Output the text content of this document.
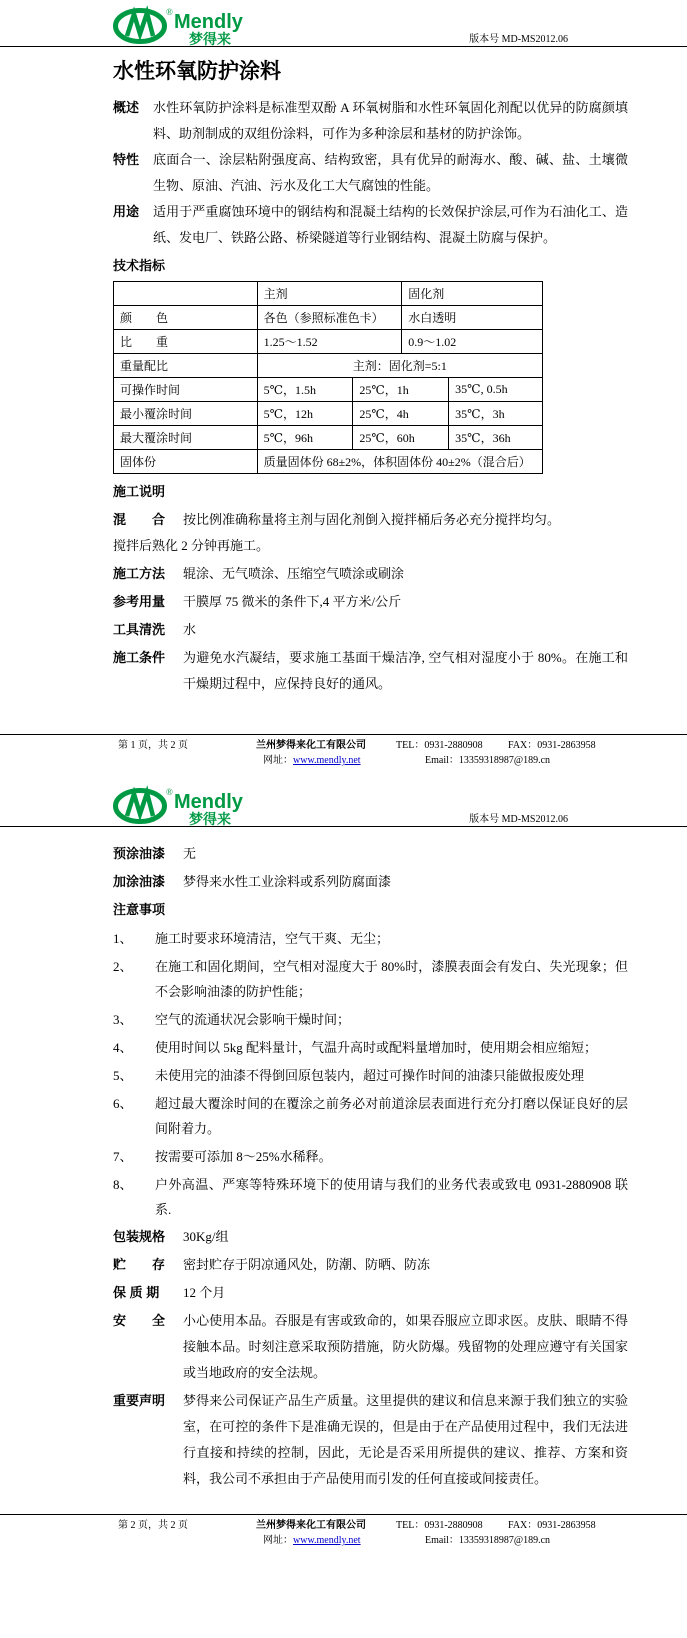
® Mendly
梦得来	版本号 MD-MS2012.06
水性环氧防护涂料
概述	水性环氧防护涂料是标准型双酚 A 环氧树脂和水性环氧固化剂配以优异的防腐颜填料、助剂制成的双组份涂料，可作为多种涂层和基材的防护涂饰。
特性	底面合一、涂层粘附强度高、结构致密，具有优异的耐海水、酸、碱、盐、土壤微生物、原油、汽油、污水及化工大气腐蚀的性能。
用途	适用于严重腐蚀环境中的钢结构和混凝土结构的长效保护涂层,可作为石油化工、造纸、发电厂、铁路公路、桥梁隧道等行业钢结构、混凝土防腐与保护。
技术指标
	主剂		固化剂	
颜　　色	各色（参照标准色卡）		水白透明	
比　　重	1.25～1.52		0.9～1.02	
重量配比	主剂：固化剂=5:1			
可操作时间	5℃，1.5h	25℃，1h		35℃, 0.5h
最小覆涂时间	5℃，12h	25℃，4h		35℃，3h
最大覆涂时间	5℃，96h	25℃，60h		35℃，36h
固体份	质量固体份 68±2%，体积固体份 40±2%（混合后）			
施工说明
混　　合	按比例准确称量将主剂与固化剂倒入搅拌桶后务必充分搅拌均匀。
搅拌后熟化 2 分钟再施工。
施工方法	辊涂、无气喷涂、压缩空气喷涂或刷涂
参考用量	干膜厚 75 微米的条件下,4 平方米/公斤
工具清洗	水
施工条件	为避免水汽凝结，要求施工基面干燥洁净, 空气相对湿度小于 80%。在施工和干燥期过程中，应保持良好的通风。
第 1 页，共 2 页	兰州梦得来化工有限公司	TEL：0931-2880908	FAX：0931-2863958
网址：www.mendly.net	Email：13359318987@189.cn
® Mendly
梦得来	版本号 MD-MS2012.06
预涂油漆	无
加涂油漆	梦得来水性工业涂料或系列防腐面漆
注意事项
1、	施工时要求环境清洁，空气干爽、无尘；
2、	在施工和固化期间，空气相对湿度大于 80%时，漆膜表面会有发白、失光现象；但不会影响油漆的防护性能；
3、	空气的流通状况会影响干燥时间；
4、	使用时间以 5kg 配料量计，气温升高时或配料量增加时，使用期会相应缩短；
5、	未使用完的油漆不得倒回原包装内，超过可操作时间的油漆只能做报废处理
6、	超过最大覆涂时间的在覆涂之前务必对前道涂层表面进行充分打磨以保证良好的层间附着力。
7、	按需要可添加 8～25%水稀释。
8、	户外高温、严寒等特殊环境下的使用请与我们的业务代表或致电 0931-2880908 联系.
包装规格	30Kg/组
贮　　存	密封贮存于阴凉通风处，防潮、防晒、防冻
保 质 期	12 个月
安　　全	小心使用本品。吞服是有害或致命的，如果吞服应立即求医。皮肤、眼睛不得接触本品。时刻注意采取预防措施，防火防爆。残留物的处理应遵守有关国家或当地政府的安全法规。
重要声明	梦得来公司保证产品生产质量。这里提供的建议和信息来源于我们独立的实验室，在可控的条件下是准确无误的，但是由于在产品使用过程中，我们无法进行直接和持续的控制，因此，无论是否采用所提供的建议、推荐、方案和资料，我公司不承担由于产品使用而引发的任何直接或间接责任。
第 2 页，共 2 页	兰州梦得来化工有限公司	TEL：0931-2880908	FAX：0931-2863958
网址：www.mendly.net	Email：13359318987@189.cn
